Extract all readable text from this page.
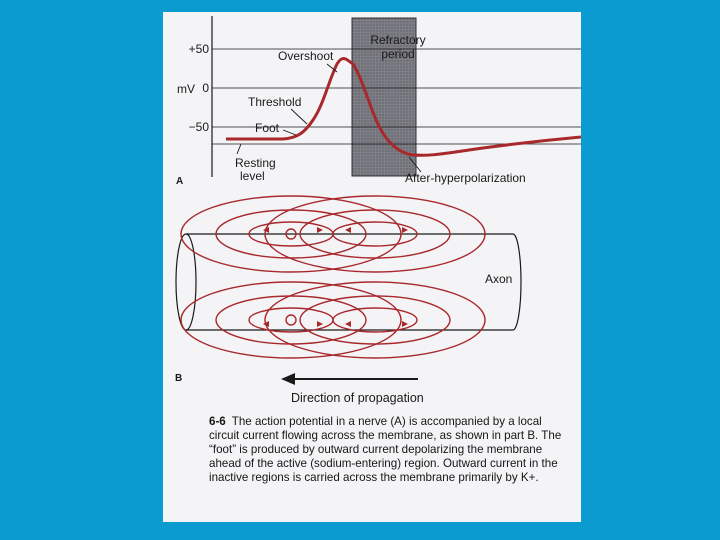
+50
mV 0
−50
Refractory
period
Overshoot
Threshold
Foot
Resting
level	After-hyperpolarization
A
Axon
B
Direction of propagation
6-6 The action potential in a nerve (A) is accompanied by a local circuit current flowing across the membrane, as shown in part B. The “foot” is produced by outward current depolarizing the membrane ahead of the active (sodium-entering) region. Outward current in the inactive regions is carried across the membrane primarily by K+.
